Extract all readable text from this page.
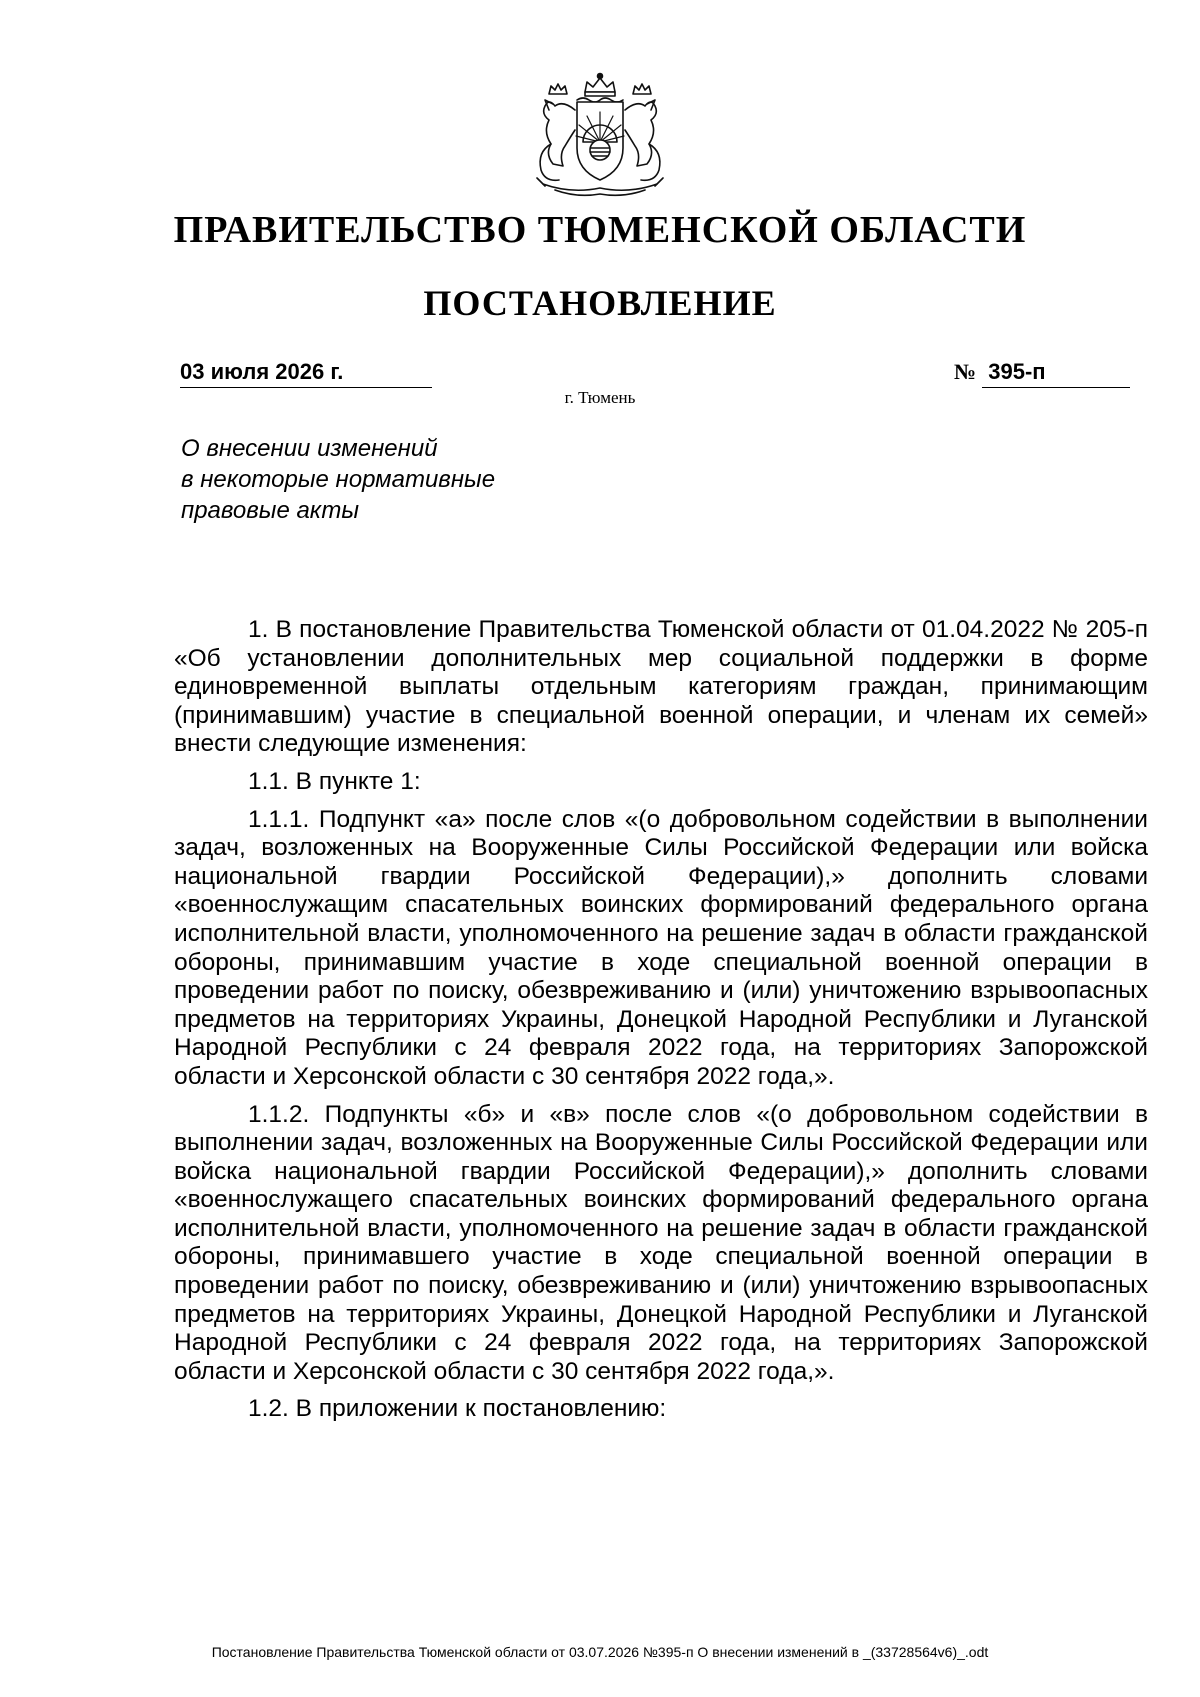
ПРАВИТЕЛЬСТВО ТЮМЕНСКОЙ ОБЛАСТИ
ПОСТАНОВЛЕНИЕ
03 июля 2026 г.	№ 395-п
г. Тюмень
О внесении изменений
в некоторые нормативные
правовые акты

1. В постановление Правительства Тюменской области от 01.04.2022 № 205-п «Об установлении дополнительных мер социальной поддержки в форме единовременной выплаты отдельным категориям граждан, принимающим (принимавшим) участие в специальной военной операции, и членам их семей» внести следующие изменения:

1.1. В пункте 1:

1.1.1. Подпункт «а» после слов «(о добровольном содействии в выполнении задач, возложенных на Вооруженные Силы Российской Федерации или войска национальной гвардии Российской Федерации),» дополнить словами «военнослужащим спасательных воинских формирований федерального органа исполнительной власти, уполномоченного на решение задач в области гражданской обороны, принимавшим участие в ходе специальной военной операции в проведении работ по поиску, обезвреживанию и (или) уничтожению взрывоопасных предметов на территориях Украины, Донецкой Народной Республики и Луганской Народной Республики с 24 февраля 2022 года, на территориях Запорожской области и Херсонской области с 30 сентября 2022 года,».

1.1.2. Подпункты «б» и «в» после слов «(о добровольном содействии в выполнении задач, возложенных на Вооруженные Силы Российской Федерации или войска национальной гвардии Российской Федерации),» дополнить словами «военнослужащего спасательных воинских формирований федерального органа исполнительной власти, уполномоченного на решение задач в области гражданской обороны, принимавшего участие в ходе специальной военной операции в проведении работ по поиску, обезвреживанию и (или) уничтожению взрывоопасных предметов на территориях Украины, Донецкой Народной Республики и Луганской Народной Республики с 24 февраля 2022 года, на территориях Запорожской области и Херсонской области с 30 сентября 2022 года,».

1.2. В приложении к постановлению:

Постановление Правительства Тюменской области от 03.07.2026 №395-п О внесении изменений в _(33728564v6)_.odt
